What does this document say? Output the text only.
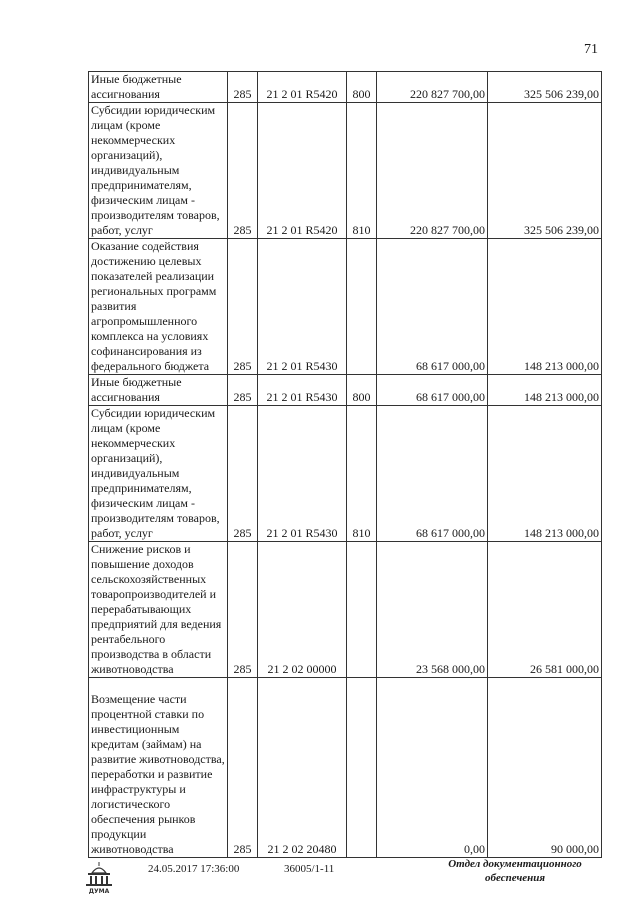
71
Иные бюджетные ассигнования	285	21 2 01 R5420	800	220 827 700,00	325 506 239,00
Субсидии юридическим лицам (кроме некоммерческих организаций), индивидуальным предпринимателям, физическим лицам - производителям товаров, работ, услуг	285	21 2 01 R5420	810	220 827 700,00	325 506 239,00
Оказание содействия достижению целевых показателей реализации региональных программ развития агропромышленного комплекса на условиях софинансирования из федерального бюджета	285	21 2 01 R5430		68 617 000,00	148 213 000,00
Иные бюджетные ассигнования	285	21 2 01 R5430	800	68 617 000,00	148 213 000,00
Субсидии юридическим лицам (кроме некоммерческих организаций), индивидуальным предпринимателям, физическим лицам - производителям товаров, работ, услуг	285	21 2 01 R5430	810	68 617 000,00	148 213 000,00
Снижение рисков и повышение доходов сельскохозяйственных товаропроизводителей и перерабатывающих предприятий для ведения рентабельного производства в области животноводства	285	21 2 02 00000		23 568 000,00	26 581 000,00
Возмещение части процентной ставки по инвестиционным кредитам (займам) на развитие животноводства, переработки и развитие инфраструктуры и логистического обеспечения рынков продукции животноводства	285	21 2 02 20480		0,00	90 000,00
ДУМА
24.05.2017 17:36:00	36005/1-11	Отдел документационного
обеспечения
